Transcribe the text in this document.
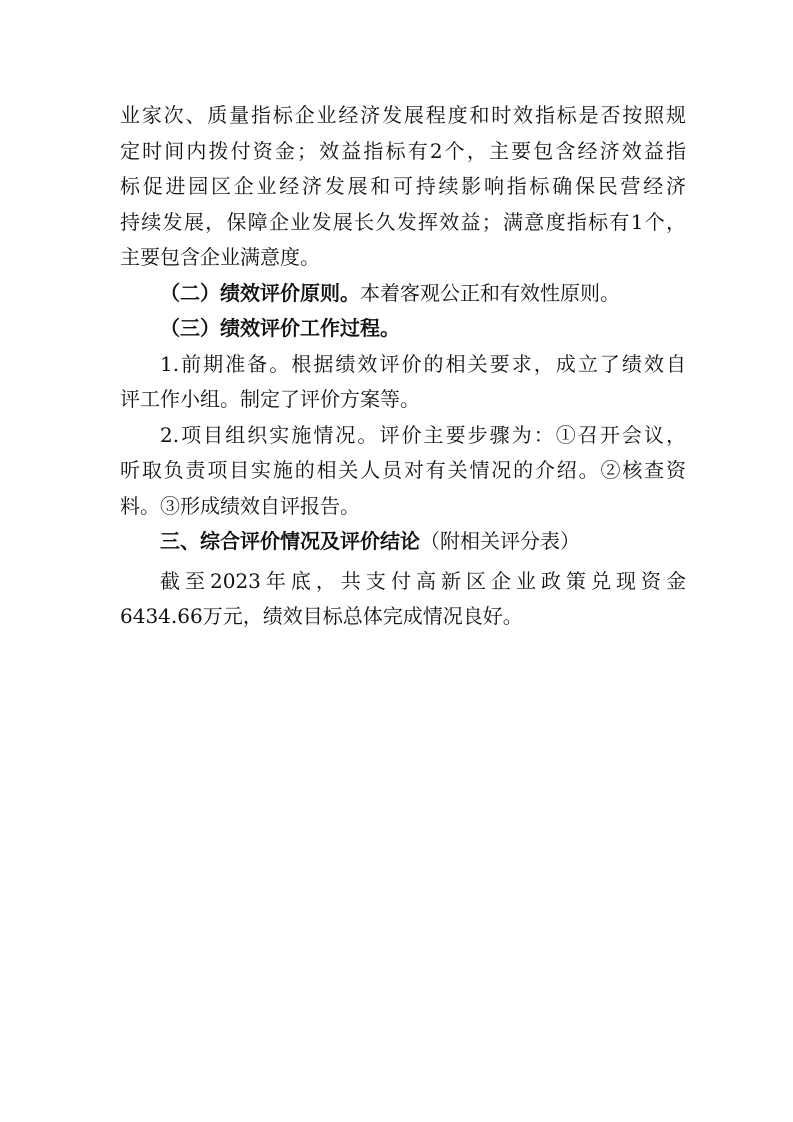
业家次、质量指标企业经济发展程度和时效指标是否按照规
定时间内拨付资金；效益指标有2个，主要包含经济效益指
标促进园区企业经济发展和可持续影响指标确保民营经济
持续发展，保障企业发展长久发挥效益；满意度指标有1个，
主要包含企业满意度。
（二）绩效评价原则。本着客观公正和有效性原则。
（三）绩效评价工作过程。
1.前期准备。根据绩效评价的相关要求，成立了绩效自
评工作小组。制定了评价方案等。
2.项目组织实施情况。评价主要步骤为：①召开会议，
听取负责项目实施的相关人员对有关情况的介绍。②核查资
料。③形成绩效自评报告。
三、综合评价情况及评价结论（附相关评分表）
截至2023年底，共支付高新区企业政策兑现资金
6434.66万元，绩效目标总体完成情况良好。
